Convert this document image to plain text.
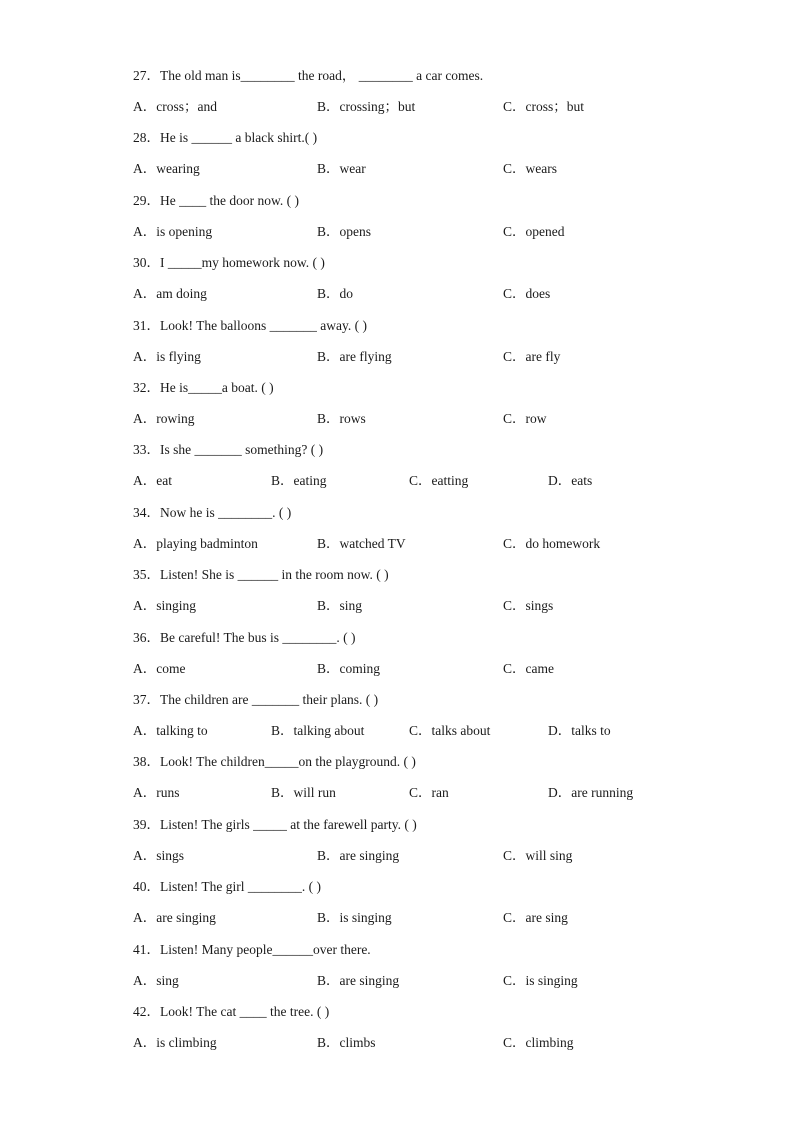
27．The old man is________ the road， ________ a car comes.
A．cross；and	B．crossing；but	C．cross；but
28．He is ______ a black shirt.( )
A．wearing	B．wear	C．wears
29．He ____ the door now. ( )
A．is opening	B．opens	C．opened
30．I _____my homework now. ( )
A．am doing	B．do	C．does
31．Look! The balloons _______ away. ( )
A．is flying	B．are flying	C．are fly
32．He is_____a boat. ( )
A．rowing	B．rows	C．row
33．Is she _______ something? ( )
A．eat	B．eating	C．eatting	D．eats
34．Now he is ________. ( )
A．playing badminton	B．watched TV	C．do homework
35．Listen! She is ______ in the room now. ( )
A．singing	B．sing	C．sings
36．Be careful! The bus is ________. ( )
A．come	B．coming	C．came
37．The children are _______ their plans. ( )
A．talking to	B．talking about	C．talks about	D．talks to
38．Look! The children_____on the playground. ( )
A．runs	B．will run	C．ran	D．are running
39．Listen! The girls _____ at the farewell party. ( )
A．sings	B．are singing	C．will sing
40．Listen! The girl ________. ( )
A．are singing	B．is singing	C．are sing
41．Listen! Many people______over there.
A．sing	B．are singing	C．is singing
42．Look! The cat ____ the tree. ( )
A．is climbing	B．climbs	C．climbing
